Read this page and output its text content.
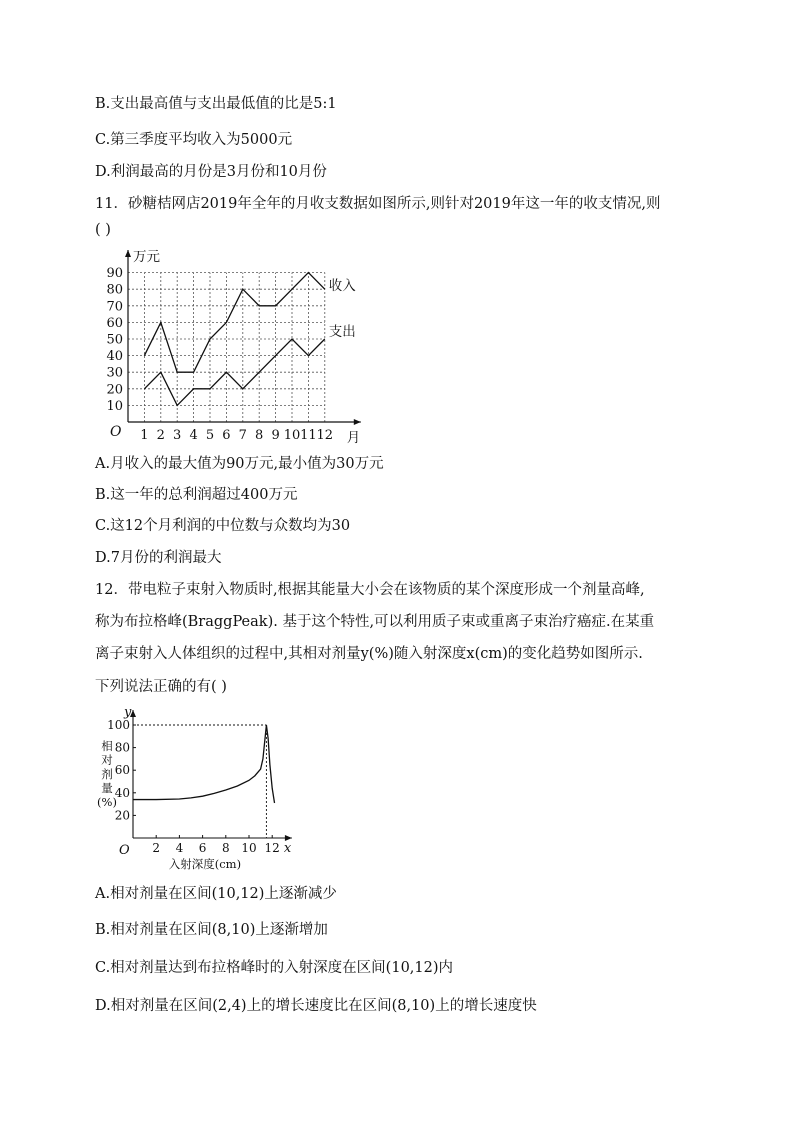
B.支出最高值与支出最低值的比是5:1
C.第三季度平均收入为5000元
D.利润最高的月份是3月份和10月份
11．砂糖桔网店2019年全年的月收支数据如图所示,则针对2019年这一年的收支情况,则
( )
1 2 3 4 5 6 7 8 9 10 11 12
10
20
30
40
50
60
70
80
90
O
万元
月
收入
支出
A.月收入的最大值为90万元,最小值为30万元
B.这一年的总利润超过400万元
C.这12个月利润的中位数与众数均为30
D.7月份的利润最大
12．带电粒子束射入物质时,根据其能量大小会在该物质的某个深度形成一个剂量高峰,
称为布拉格峰(BraggPeak). 基于这个特性,可以利用质子束或重离子束治疗癌症.在某重
离子束射入人体组织的过程中,其相对剂量y(%)随入射深度x(cm)的变化趋势如图所示.
下列说法正确的有( )
2 4 6 8 10 12
20
40
60
80
100
O
y
x
入射深度(cm)
相
对
剂
量
(%)
A.相对剂量在区间(10,12)上逐渐减少
B.相对剂量在区间(8,10)上逐渐增加
C.相对剂量达到布拉格峰时的入射深度在区间(10,12)内
D.相对剂量在区间(2,4)上的增长速度比在区间(8,10)上的增长速度快
